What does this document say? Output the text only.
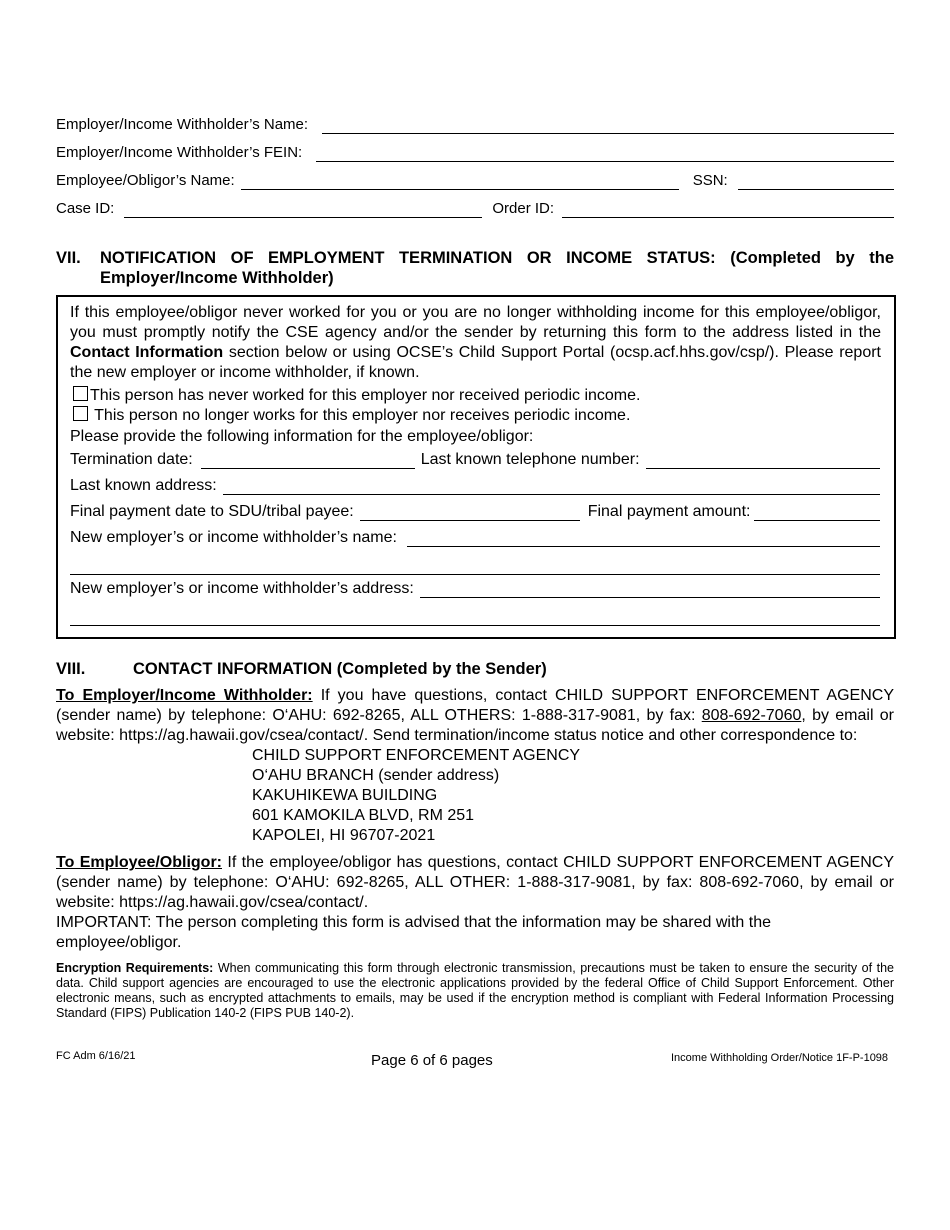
Employer/Income Withholder’s Name:
Employer/Income Withholder’s FEIN:
Employee/Obligor’s Name:	SSN:
Case ID:	Order ID:
VII. NOTIFICATION OF EMPLOYMENT TERMINATION OR INCOME STATUS: (Completed by the
Employer/Income Withholder)
If this employee/obligor never worked for you or you are no longer withholding income for this employee/obligor, you must promptly notify the CSE agency and/or the sender by returning this form to the address listed in the Contact Information section below or using OCSE’s Child Support Portal (ocsp.acf.hhs.gov/csp/). Please report the new employer or income withholder, if known.
This person has never worked for this employer nor received periodic income.
This person no longer works for this employer nor receives periodic income.
Please provide the following information for the employee/obligor:
Termination date:	Last known telephone number:
Last known address:
Final payment date to SDU/tribal payee:	Final payment amount:
New employer’s or income withholder’s name:
New employer’s or income withholder’s address:
VIII.	CONTACT INFORMATION (Completed by the Sender)
To Employer/Income Withholder: If you have questions, contact CHILD SUPPORT ENFORCEMENT AGENCY (sender name) by telephone: O‘AHU: 692-8265, ALL OTHERS: 1-888-317-9081, by fax: 808-692-7060, by email or website: https://ag.hawaii.gov/csea/contact/. Send termination/income status notice and other correspondence to:
CHILD SUPPORT ENFORCEMENT AGENCY
O‘AHU BRANCH (sender address)
KAKUHIKEWA BUILDING
601 KAMOKILA BLVD, RM 251
KAPOLEI, HI 96707-2021
To Employee/Obligor: If the employee/obligor has questions, contact CHILD SUPPORT ENFORCEMENT AGENCY (sender name) by telephone: O‘AHU: 692-8265, ALL OTHER: 1-888-317-9081, by fax: 808-692-7060, by email or website: https://ag.hawaii.gov/csea/contact/.
IMPORTANT: The person completing this form is advised that the information may be shared with the employee/obligor.
Encryption Requirements: When communicating this form through electronic transmission, precautions must be taken to ensure the security of the data. Child support agencies are encouraged to use the electronic applications provided by the federal Office of Child Support Enforcement. Other electronic means, such as encrypted attachments to emails, may be used if the encryption method is compliant with Federal Information Processing Standard (FIPS) Publication 140-2 (FIPS PUB 140-2).
FC Adm 6/16/21	Page 6 of 6 pages	Income Withholding Order/Notice 1F-P-1098
